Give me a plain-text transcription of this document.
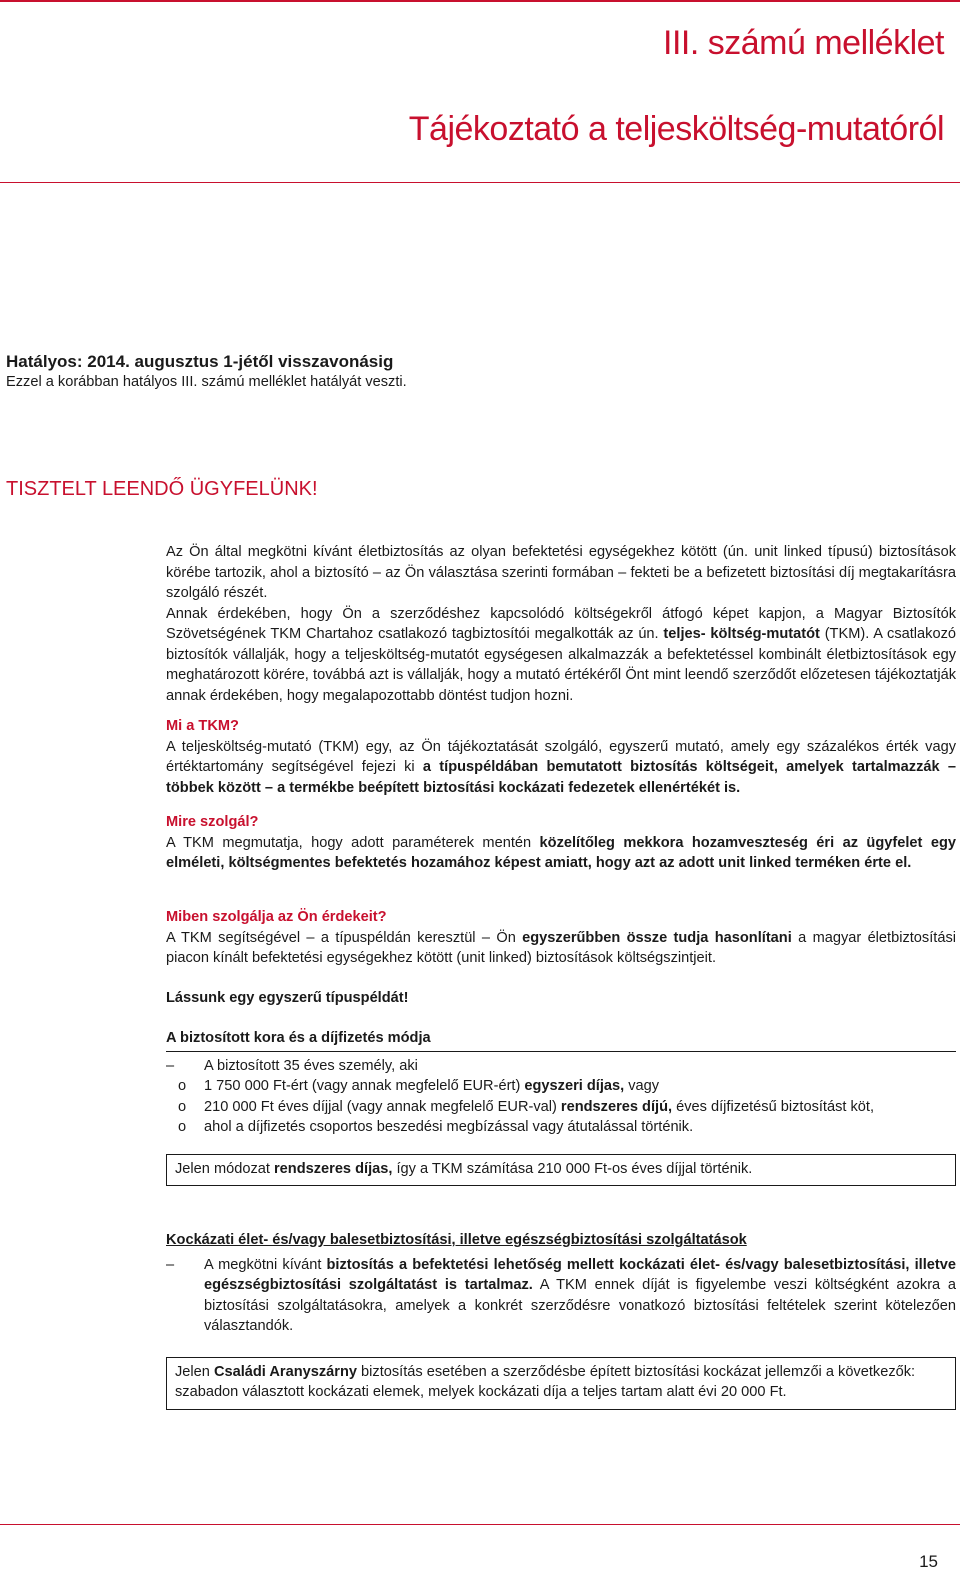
III. számú melléklet
Tájékoztató a teljesköltség-mutatóról
Hatályos: 2014. augusztus 1-jétől visszavonásig
Ezzel a korábban hatályos III. számú melléklet hatályát veszti.
TISZTELT LEENDŐ ÜGYFELÜNK!

Az Ön által megkötni kívánt életbiztosítás az olyan befektetési egységekhez kötött (ún. unit linked típusú) biztosítások körébe tartozik, ahol a biztosító – az Ön választása szerinti formában – fekteti be a befizetett biztosítási díj megtakarításra szolgáló részét.

Annak érdekében, hogy Ön a szerződéshez kapcsolódó költségekről átfogó képet kapjon, a Magyar Biztosítók Szövetségének TKM Chartahoz csatlakozó tagbiztosítói megalkották az ún. teljes- költség-mutatót (TKM). A csatlakozó biztosítók vállalják, hogy a teljesköltség-mutatót egységesen alkalmazzák a befektetéssel kombinált életbiztosítások egy meghatározott körére, továbbá azt is vállalják, hogy a mutató értékéről Önt mint leendő szerződőt előzetesen tájékoztatják annak érdekében, hogy megalapozottabb döntést tudjon hozni.

Mi a TKM?

A teljesköltség-mutató (TKM) egy, az Ön tájékoztatását szolgáló, egyszerű mutató, amely egy százalékos érték vagy értéktartomány segítségével fejezi ki a típuspéldában bemutatott biztosítás költségeit, amelyek tartalmazzák – többek között – a termékbe beépített biztosítási kockázati fedezetek ellenértékét is.

Mire szolgál?

A TKM megmutatja, hogy adott paraméterek mentén közelítőleg mekkora hozamveszteség éri az ügyfelet egy elméleti, költségmentes befektetés hozamához képest amiatt, hogy azt az adott unit linked terméken érte el.

Miben szolgálja az Ön érdekeit?

A TKM segítségével – a típuspéldán keresztül – Ön egyszerűbben össze tudja hasonlítani a magyar életbiztosítási piacon kínált befektetési egységekhez kötött (unit linked) biztosítások költségszintjeit.

Lássunk egy egyszerű típuspéldát!
A biztosított kora és a díjfizetés módja
–	A biztosított 35 éves személy, aki
o	1 750 000 Ft-ért (vagy annak megfelelő EUR-ért) egyszeri díjas, vagy
o	210 000 Ft éves díjjal (vagy annak megfelelő EUR-val) rendszeres díjú, éves díjfizetésű biztosítást köt,
o	ahol a díjfizetés csoportos beszedési megbízással vagy átutalással történik.
Jelen módozat rendszeres díjas, így a TKM számítása 210 000 Ft-os éves díjjal történik.
Kockázati élet- és/vagy balesetbiztosítási, illetve egészségbiztosítási szolgáltatások
–	A megkötni kívánt biztosítás a befektetési lehetőség mellett kockázati élet- és/vagy balesetbiztosítási, illetve egészségbiztosítási szolgáltatást is tartalmaz. A TKM ennek díját is figyelembe veszi költségként azokra a biztosítási szolgáltatásokra, amelyek a konkrét szerződésre vonatkozó biztosítási feltételek szerint kötelezően választandók.
Jelen Családi Aranyszárny biztosítás esetében a szerződésbe épített biztosítási kockázat jellemzői a következők: szabadon választott kockázati elemek, melyek kockázati díja a teljes tartam alatt évi 20 000 Ft.
15
